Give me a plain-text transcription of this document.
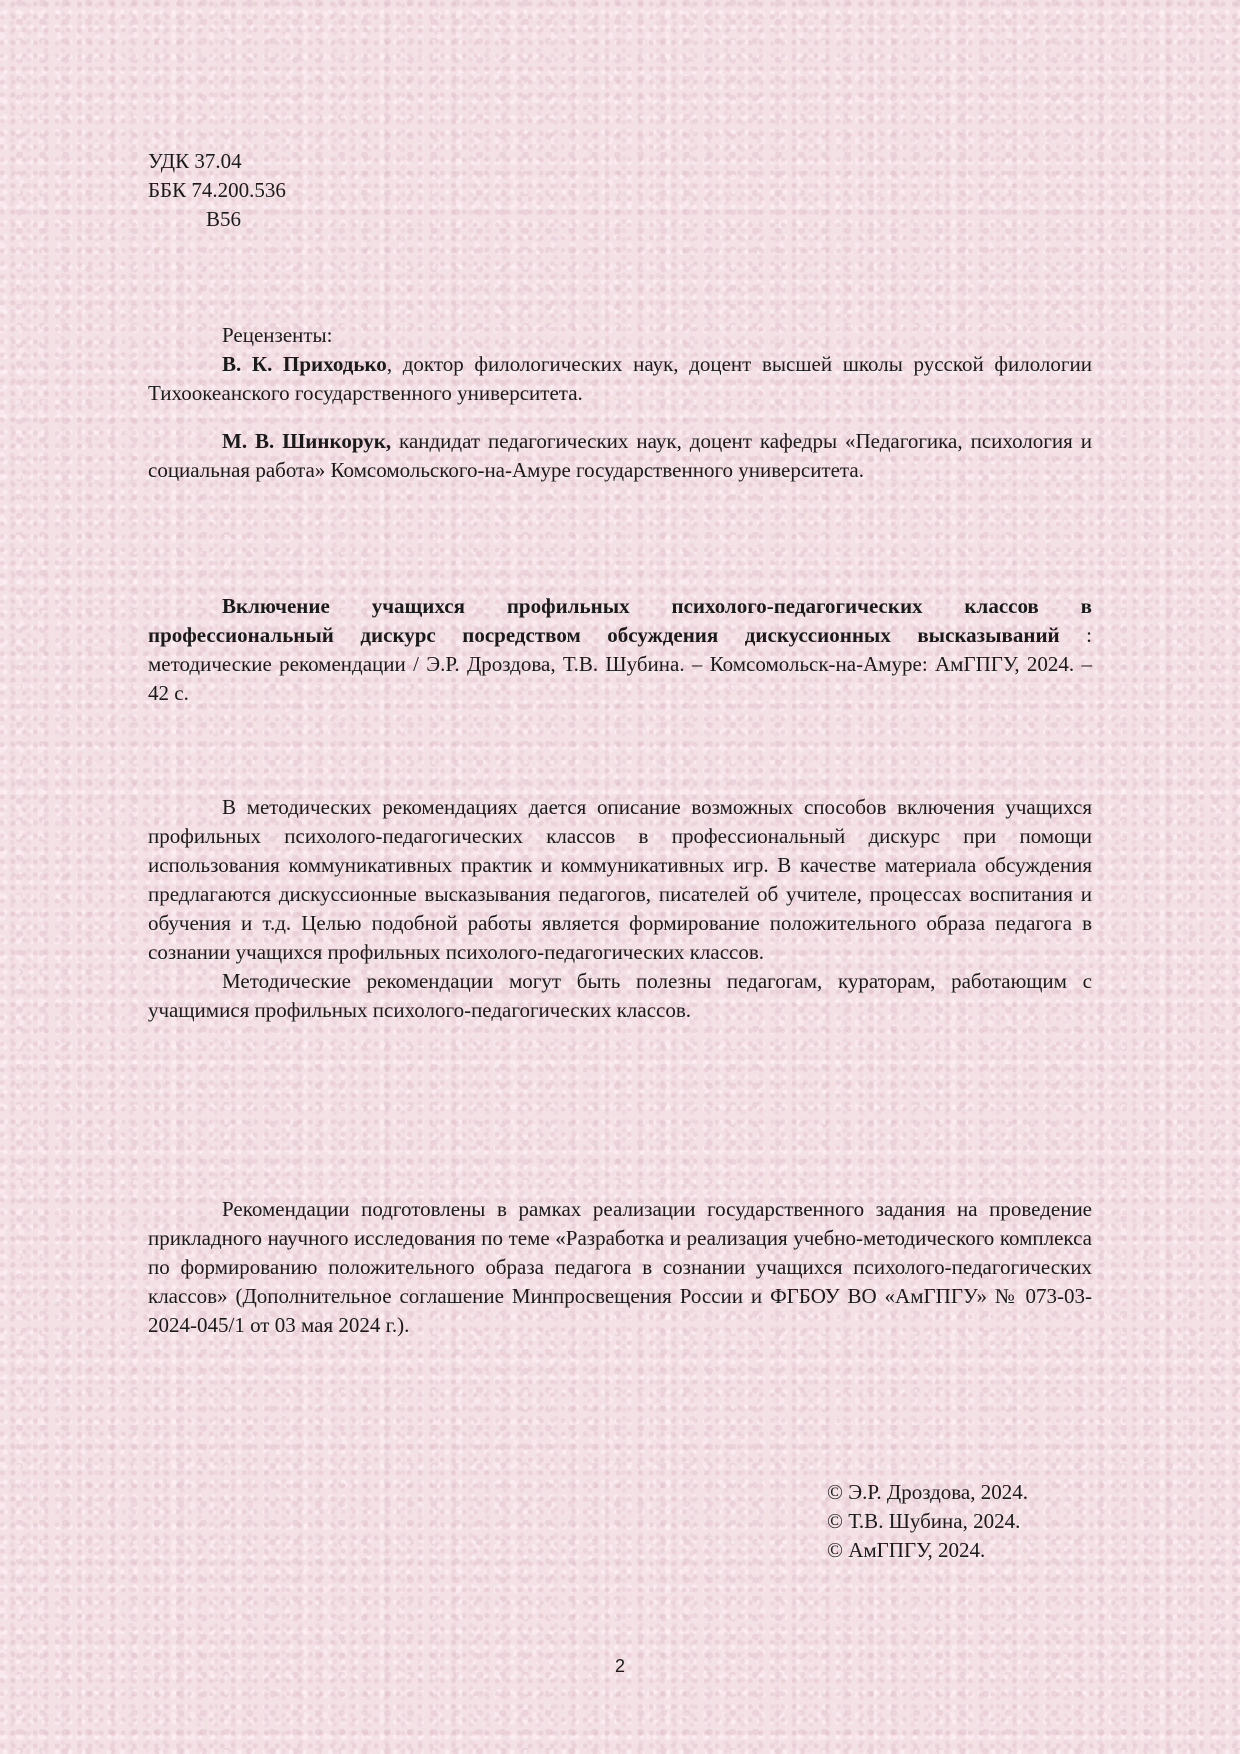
УДК 37.04
ББК 74.200.536
В56

Рецензенты:

В. К. Приходько, доктор филологических наук, доцент высшей школы русской филологии Тихоокеанского государственного университета.

М. В. Шинкорук, кандидат педагогических наук, доцент кафедры «Педагогика, психология и социальная работа» Комсомольского-на-Амуре государственного университета.

Включение учащихся профильных психолого-педагогических классов в профессиональный дискурс посредством обсуждения дискуссионных высказываний : методические рекомендации / Э.Р. Дроздова, Т.В. Шубина. – Комсомольск-на-Амуре: АмГПГУ, 2024. – 42 с.

В методических рекомендациях дается описание возможных способов включения учащихся профильных психолого-педагогических классов в профессиональный дискурс при помощи использования коммуникативных практик и коммуникативных игр. В качестве материала обсуждения предлагаются дискуссионные высказывания педагогов, писателей об учителе, процессах воспитания и обучения и т.д. Целью подобной работы является формирование положительного образа педагога в сознании учащихся профильных психолого-педагогических классов.

Методические рекомендации могут быть полезны педагогам, кураторам, работающим с учащимися профильных психолого-педагогических классов.

Рекомендации подготовлены в рамках реализации государственного задания на проведение прикладного научного исследования по теме «Разработка и реализация учебно-методического комплекса по формированию положительного образа педагога в сознании учащихся психолого-педагогических классов» (Дополнительное соглашение Минпросвещения России и ФГБОУ ВО «АмГПГУ» № 073-03-2024-045/1 от 03 мая 2024 г.).

© Э.Р. Дроздова, 2024.
© Т.В. Шубина, 2024.
© АмГПГУ, 2024.
2
